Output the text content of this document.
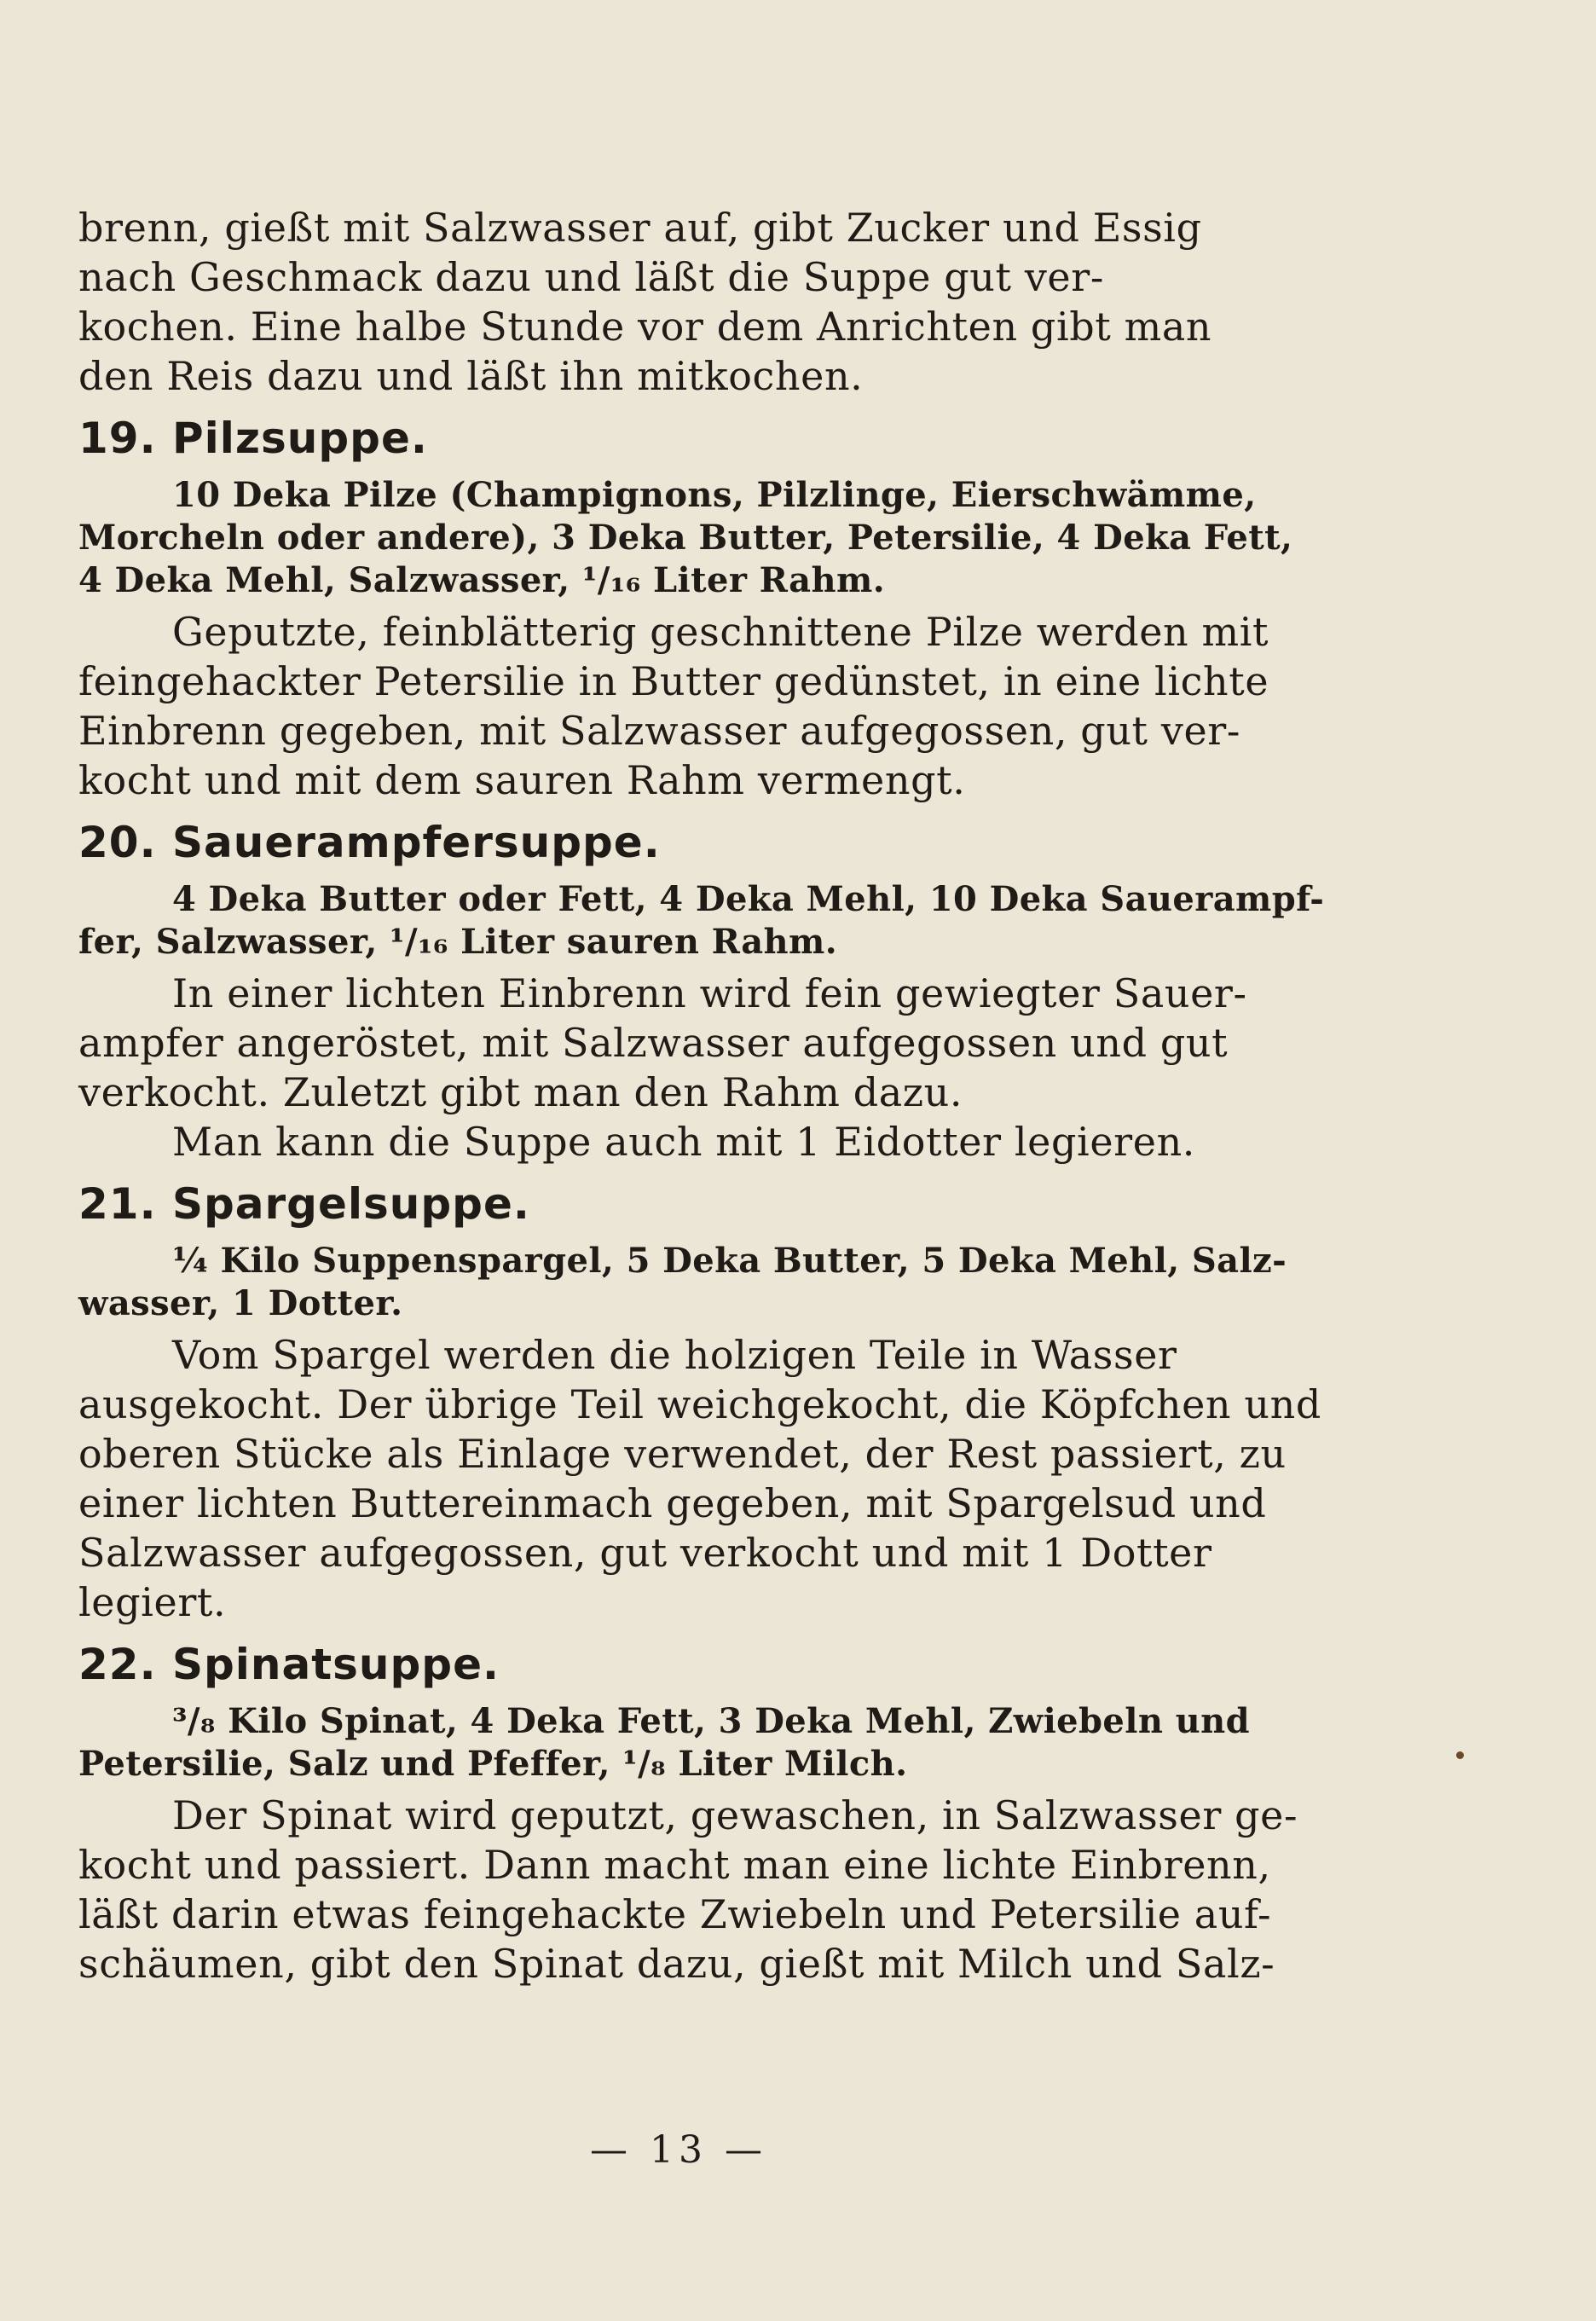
brenn, gießt mit Salzwasser auf, gibt Zucker und Essig
nach Geschmack dazu und läßt die Suppe gut ver-
kochen. Eine halbe Stunde vor dem Anrichten gibt man
den Reis dazu und läßt ihn mitkochen.
19. Pilzsuppe.
10 Deka Pilze (Champignons, Pilzlinge, Eierschwämme,
Morcheln oder andere), 3 Deka Butter, Petersilie, 4 Deka Fett,
4 Deka Mehl, Salzwasser, ¹/₁₆ Liter Rahm.
Geputzte, feinblätterig geschnittene Pilze werden mit
feingehackter Petersilie in Butter gedünstet, in eine lichte
Einbrenn gegeben, mit Salzwasser aufgegossen, gut ver-
kocht und mit dem sauren Rahm vermengt.
20. Sauerampfersuppe.
4 Deka Butter oder Fett, 4 Deka Mehl, 10 Deka Sauerampf-
fer, Salzwasser, ¹/₁₆ Liter sauren Rahm.
In einer lichten Einbrenn wird fein gewiegter Sauer-
ampfer angeröstet, mit Salzwasser aufgegossen und gut
verkocht. Zuletzt gibt man den Rahm dazu.
Man kann die Suppe auch mit 1 Eidotter legieren.
21. Spargelsuppe.
¼ Kilo Suppenspargel, 5 Deka Butter, 5 Deka Mehl, Salz-
wasser, 1 Dotter.
Vom Spargel werden die holzigen Teile in Wasser
ausgekocht. Der übrige Teil weichgekocht, die Köpfchen und
oberen Stücke als Einlage verwendet, der Rest passiert, zu
einer lichten Buttereinmach gegeben, mit Spargelsud und
Salzwasser aufgegossen, gut verkocht und mit 1 Dotter
legiert.
22. Spinatsuppe.
³/₈ Kilo Spinat, 4 Deka Fett, 3 Deka Mehl, Zwiebeln und
Petersilie, Salz und Pfeffer, ¹/₈ Liter Milch.
Der Spinat wird geputzt, gewaschen, in Salzwasser ge-
kocht und passiert. Dann macht man eine lichte Einbrenn,
läßt darin etwas feingehackte Zwiebeln und Petersilie auf-
schäumen, gibt den Spinat dazu, gießt mit Milch und Salz-
— 13 —
